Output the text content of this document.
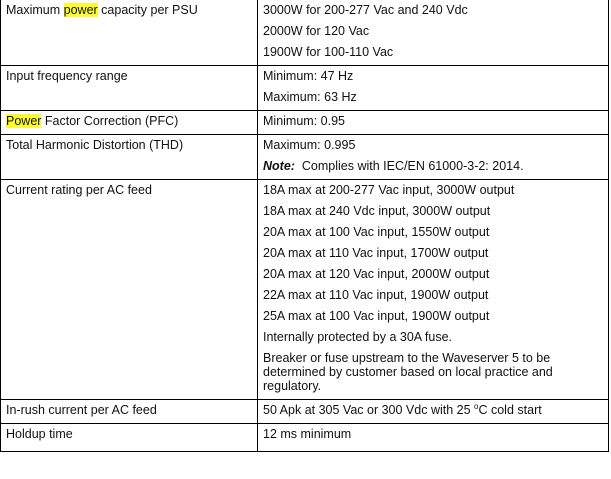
Maximum power capacity per PSU	3000W for 200-277 Vac and 240 Vdc
2000W for 120 Vac
1900W for 100-110 Vac

Input frequency range	Minimum: 47 Hz
Maximum: 63 Hz

Power Factor Correction (PFC)	Minimum: 0.95

Total Harmonic Distortion (THD)	Maximum: 0.995
Note:  Complies with IEC/EN 61000-3-2: 2014.

Current rating per AC feed	18A max at 200-277 Vac input, 3000W output
18A max at 240 Vdc input, 3000W output
20A max at 100 Vac input, 1550W output
20A max at 110 Vac input, 1700W output
20A max at 120 Vac input, 2000W output
22A max at 110 Vac input, 1900W output
25A max at 100 Vac input, 1900W output
Internally protected by a 30A fuse.
Breaker or fuse upstream to the Waveserver 5 to be determined by customer based on local practice and regulatory.

In-rush current per AC feed	50 Apk at 305 Vac or 300 Vdc with 25 $^o$C cold start

Holdup time	12 ms minimum
